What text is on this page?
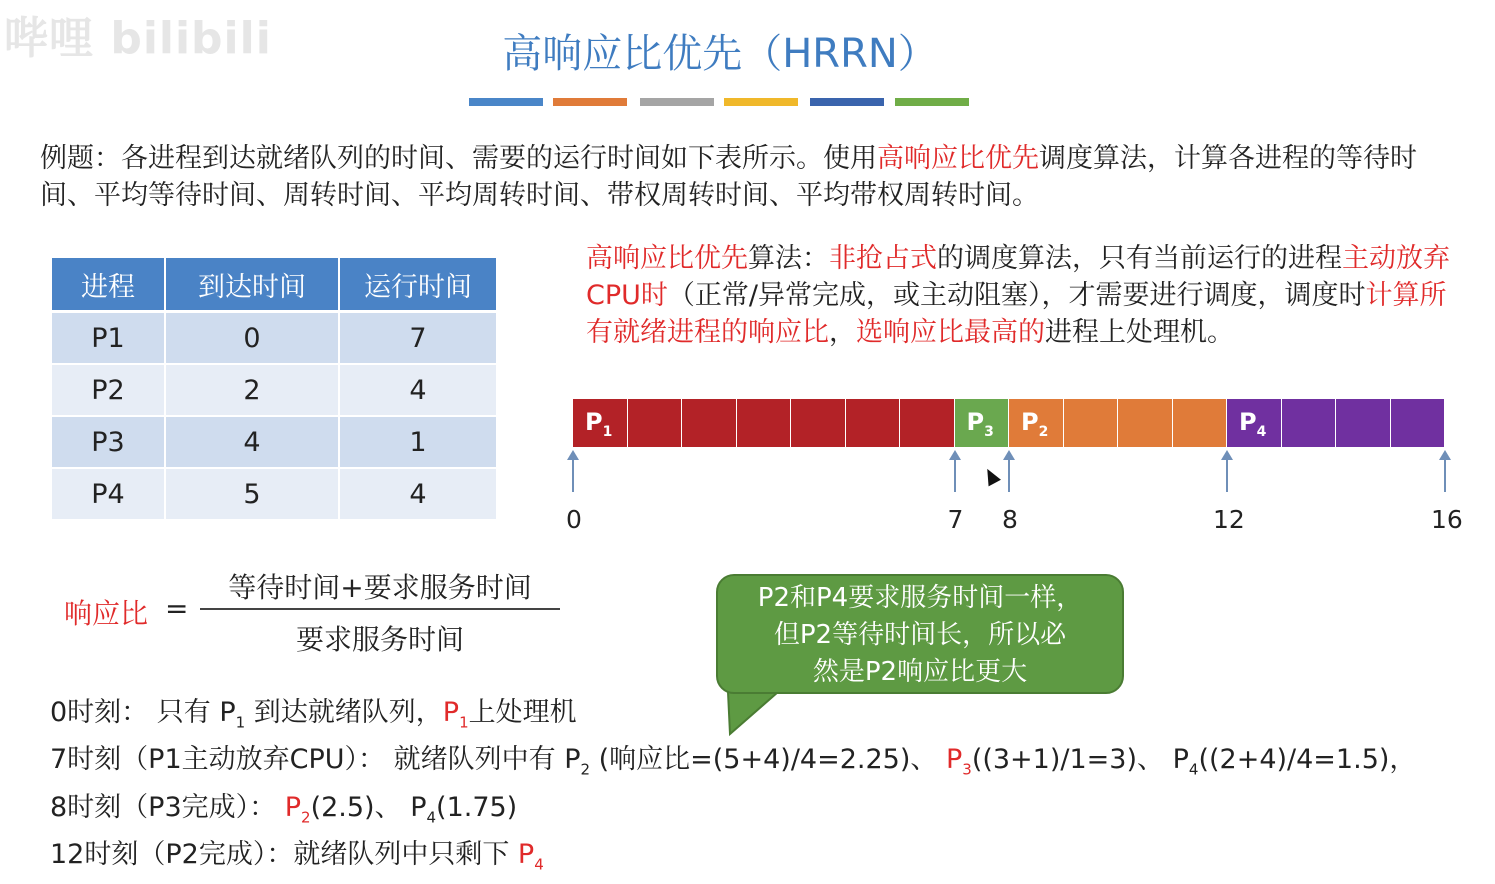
哔哩 bilibili	高响应比优先（HRRN）
例题：各进程到达就绪队列的时间、需要的运行时间如下表所示。使用高响应比优先调度算法，计算各进程的等待时间、平均等待时间、周转时间、平均周转时间、带权周转时间、平均带权周转时间。
进程	到达时间	运行时间
P1	0	7
P2	2	4
P3	4	1
P4	5	4
高响应比优先算法：非抢占式的调度算法，只有当前运行的进程主动放弃CPU时（正常/异常完成，或主动阻塞），才需要进行调度，调度时计算所有就绪进程的响应比，选响应比最高的进程上处理机。
$P_1$	$P_3$ $P_2$	$P_4$
0	7 8	12	16
响应比 =
等待时间+要求服务时间
要求服务时间
P2和P4要求服务时间一样，
但P2等待时间长，所以必
然是P2响应比更大
0时刻： 只有 $P_1$ 到达就绪队列，$P_1$上处理机
7时刻（P1主动放弃CPU）： 就绪队列中有 $P_2$ (响应比=(5+4)/4=2.25)、 $P_3((3+1)/1=3)$、 $P_4((2+4)/4=1.5)$，
8时刻（P3完成）： $P_2(2.5)$、 $P_4(1.75)$
12时刻（P2完成）：就绪队列中只剩下 $P_4$
